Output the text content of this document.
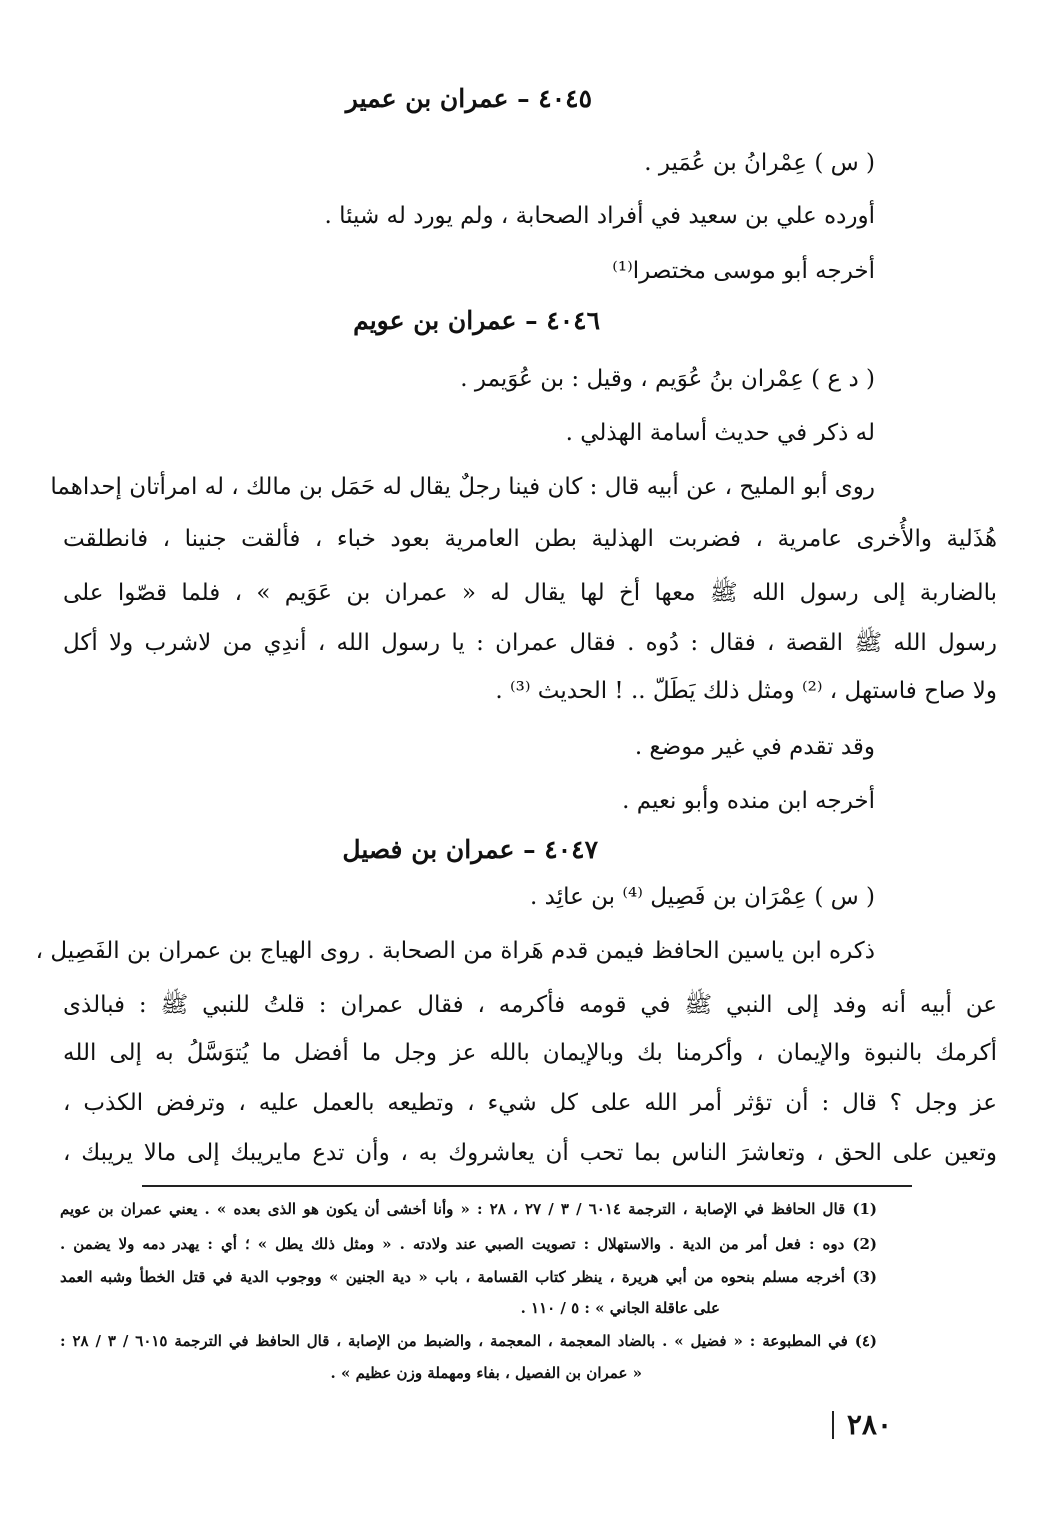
٤٠٤٥ – عمران بن عمير
( س ) عِمْرانُ بن عُمَير .
أورده علي بن سعيد في أفراد الصحابة ، ولم يورد له شيئا .
أخرجه أبو موسى مختصرا⁽¹⁾
٤٠٤٦ – عمران بن عويم
( د ع ) عِمْران بنُ عُوَيم ، وقيل : بن عُوَيمر .
له ذكر في حديث أسامة الهذلي .
روى أبو المليح ، عن أبيه قال : كان فينا رجلٌ يقال له حَمَل بن مالك ، له امرأتان إحداهما
هُذَلية والأُخرى عامرية ، فضربت الهذلية بطن العامرية بعود خباء ، فألقت جنينا ، فانطلقت
بالضاربة إلى رسول الله ﷺ معها أخ لها يقال له « عمران بن عَوَيم » ، فلما قصّوا على
رسول الله ﷺ القصة ، فقال : دُوه . فقال عمران : يا رسول الله ، أندِي من لاشرب ولا أكل
ولا صاح فاستهل ، ⁽²⁾ ومثل ذلك يَطَلّ .. ! الحديث ⁽³⁾ .
وقد تقدم في غير موضع .
أخرجه ابن منده وأبو نعيم .
٤٠٤٧ – عمران بن فصيل
( س ) عِمْرَان بن فَصِيل ⁽⁴⁾ بن عائِد .
ذكره ابن ياسين الحافظ فيمن قدم هَراة من الصحابة . روى الهياج بن عمران بن الفَصِيل ،
عن أبيه أنه وفد إلى النبي ﷺ في قومه فأكرمه ، فقال عمران : قلتُ للنبي ﷺ : فبالذى
أكرمك بالنبوة والإيمان ، وأكرمنا بك وبالإيمان بالله عز وجل ما أفضل ما يُتوَسَّلُ به إلى الله
عز وجل ؟ قال : أن تؤثر أمر الله على كل شيء ، وتطيعه بالعمل عليه ، وترفض الكذب ،
وتعين على الحق ، وتعاشرَ الناس بما تحب أن يعاشروك به ، وأن تدع مايريبك إلى مالا يريبك ،
(1) قال الحافظ في الإصابة ، الترجمة ٦٠١٤ / ٣ / ٢٧ ، ٢٨ : « وأنا أخشى أن يكون هو الذى بعده » . يعني عمران بن عويم
(2) دوه : فعل أمر من الدية . والاستهلال : تصويت الصبي عند ولادته . « ومثل ذلك يطل » ؛ أي : يهدر دمه ولا يضمن .
(3) أخرجه مسلم بنحوه من أبي هريرة ، ينظر كتاب القسامة ، باب « دية الجنين » ووجوب الدية في قتل الخطأ وشبه العمد
على عاقلة الجاني » : ٥ / ١١٠ .
(٤) في المطبوعة : « فضيل » . بالضاد المعجمة ، المعجمة ، والضبط من الإصابة ، قال الحافظ في الترجمة ٦٠١٥ / ٣ / ٢٨ :
« عمران بن الفصيل ، بفاء ومهملة وزن عظيم » .
٢٨٠
